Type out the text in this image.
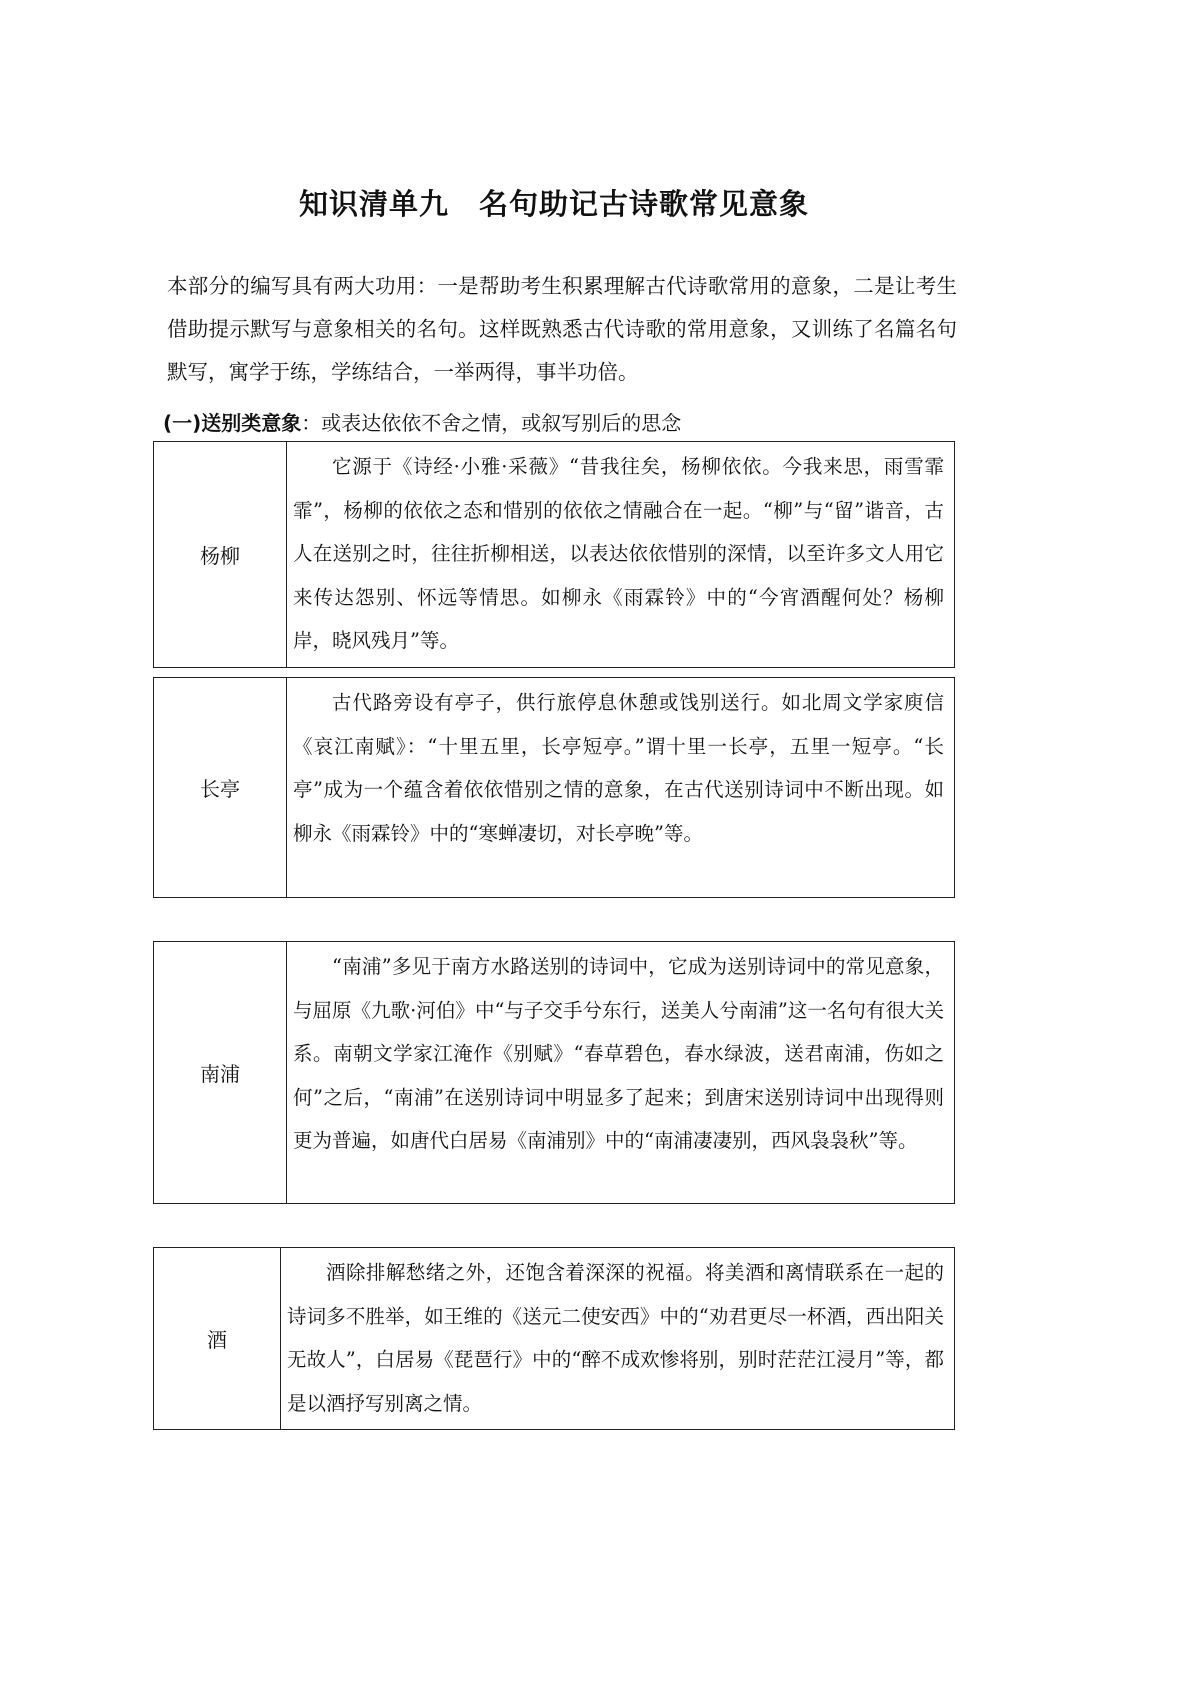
知识清单九　名句助记古诗歌常见意象

本部分的编写具有两大功用：一是帮助考生积累理解古代诗歌常用的意象，二是让考生借助提示默写与意象相关的名句。这样既熟悉古代诗歌的常用意象，又训练了名篇名句默写，寓学于练，学练结合，一举两得，事半功倍。

(一)送别类意象：或表达依依不舍之情，或叙写别后的思念

杨柳	它源于《诗经·小雅·采薇》“昔我往矣，杨柳依依。今我来思，雨雪霏霏”，杨柳的依依之态和惜别的依依之情融合在一起。“柳”与“留”谐音，古人在送别之时，往往折柳相送，以表达依依惜别的深情，以至许多文人用它来传达怨别、怀远等情思。如柳永《雨霖铃》中的“今宵酒醒何处？杨柳岸，晓风残月”等。
长亭	古代路旁设有亭子，供行旅停息休憩或饯别送行。如北周文学家庾信《哀江南赋》：“十里五里，长亭短亭。”谓十里一长亭，五里一短亭。“长亭”成为一个蕴含着依依惜别之情的意象，在古代送别诗词中不断出现。如柳永《雨霖铃》中的“寒蝉凄切，对长亭晚”等。
南浦	“南浦”多见于南方水路送别的诗词中，它成为送别诗词中的常见意象，与屈原《九歌·河伯》中“与子交手兮东行，送美人兮南浦”这一名句有很大关系。南朝文学家江淹作《别赋》“春草碧色，春水绿波，送君南浦，伤如之何”之后，“南浦”在送别诗词中明显多了起来；到唐宋送别诗词中出现得则更为普遍，如唐代白居易《南浦别》中的“南浦凄凄别，西风袅袅秋”等。
酒	酒除排解愁绪之外，还饱含着深深的祝福。将美酒和离情联系在一起的诗词多不胜举，如王维的《送元二使安西》中的“劝君更尽一杯酒，西出阳关无故人”，白居易《琵琶行》中的“醉不成欢惨将别，别时茫茫江浸月”等，都是以酒抒写别离之情。
